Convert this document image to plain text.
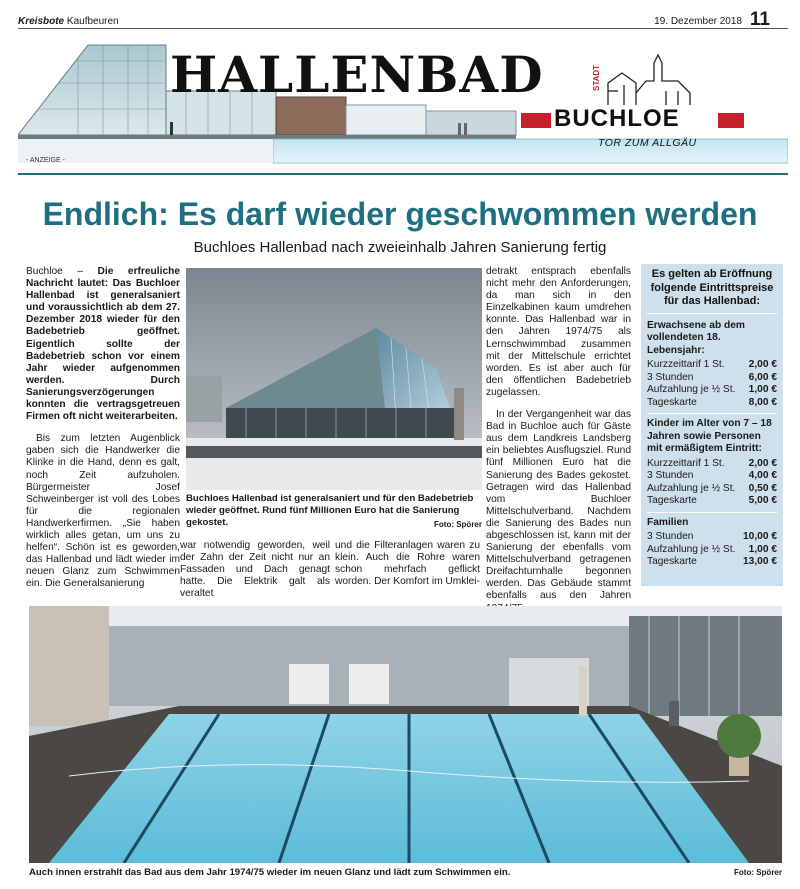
Kreisbote Kaufbeuren	19. Dezember 2018 11
HALLENBAD
- ANZEIGE -
STADT
BUCHLOE
TOR ZUM ALLGÄU
Endlich: Es darf wieder geschwommen werden
Buchloes Hallenbad nach zweieinhalb Jahren Sanierung fertig

Buchloe – Die erfreuliche Nachricht lautet: Das Buchloer Hallenbad ist generalsaniert und voraussichtlich ab dem 27. Dezember 2018 wieder für den Badebetrieb geöffnet. Eigentlich sollte der Badebetrieb schon vor einem Jahr wieder aufgenommen werden. Durch Sanierungsverzögerungen konnten die vertragsgetreuen Firmen oft nicht weiterarbeiten.

Bis zum letzten Augenblick gaben sich die Handwerker die Klinke in die Hand, denn es galt, noch Zeit aufzuholen. Bürgermeister Josef Schweinberger ist voll des Lobes für die regionalen Handwerkerfirmen. „Sie haben wirklich alles getan, um uns zu helfen“. Schön ist es geworden, das Hallenbad und lädt wieder im neuen Glanz zum Schwimmen ein. Die Generalsanierung

Buchloes Hallenbad ist generalsaniert und für den Badebetrieb wieder geöffnet. Rund fünf Millionen Euro hat die Sanierung gekostet.	Foto: Spörer
war notwendig geworden, weil der Zahn der Zeit nicht nur an Fassaden und Dach genagt hatte. Die Elektrik galt als veraltet
und die Filteranlagen waren zu klein. Auch die Rohre waren schon mehrfach geflickt worden. Der Komfort im Umklei-

detrakt entsprach ebenfalls nicht mehr den Anforderungen, da man sich in den Einzelkabinen kaum umdrehen konnte. Das Hallenbad war in den Jahren 1974/75 als Lernschwimmbad zusammen mit der Mittelschule errichtet worden. Es ist aber auch für den öffentlichen Badebetrieb zugelassen.

In der Vergangenheit war das Bad in Buchloe auch für Gäste aus dem Landkreis Landsberg ein beliebtes Ausflugsziel. Rund fünf Millionen Euro hat die Sanierung des Bades gekostet. Getragen wird das Hallenbad vom Buchloer Mittelschulverband. Nachdem die Sanierung des Bades nun abgeschlossen ist, kann mit der Sanierung der ebenfalls vom Mittelschulverband getragenen Dreifachturnhalle begonnen werden. Das Gebäude stammt ebenfalls aus den Jahren

Es gelten ab Eröffnung folgende Eintrittspreise für das Hallenbad:
Erwachsene ab dem vollendeten 18. Lebensjahr:
Kurzzeittarif 1 St. 2,00 €
3 Stunden	6,00 €
Aufzahlung je ½ St. 1,00 €
Tageskarte	8,00 €
Kinder im Alter von 7 – 18 Jahren sowie Personen mit ermäßigtem Eintritt:
Kurzzeittarif 1 St. 2,00 €
3 Stunden	4,00 €
Aufzahlung je ½ St. 0,50 €
Tageskarte	5,00 €
Familien
3 Stunden	10,00 €
Aufzahlung je ½ St. 1,00 €
Tageskarte	13,00 €
Auch innen erstrahlt das Bad aus dem Jahr 1974/75 wieder im neuen Glanz und lädt zum Schwimmen ein.	Foto: Spörer
